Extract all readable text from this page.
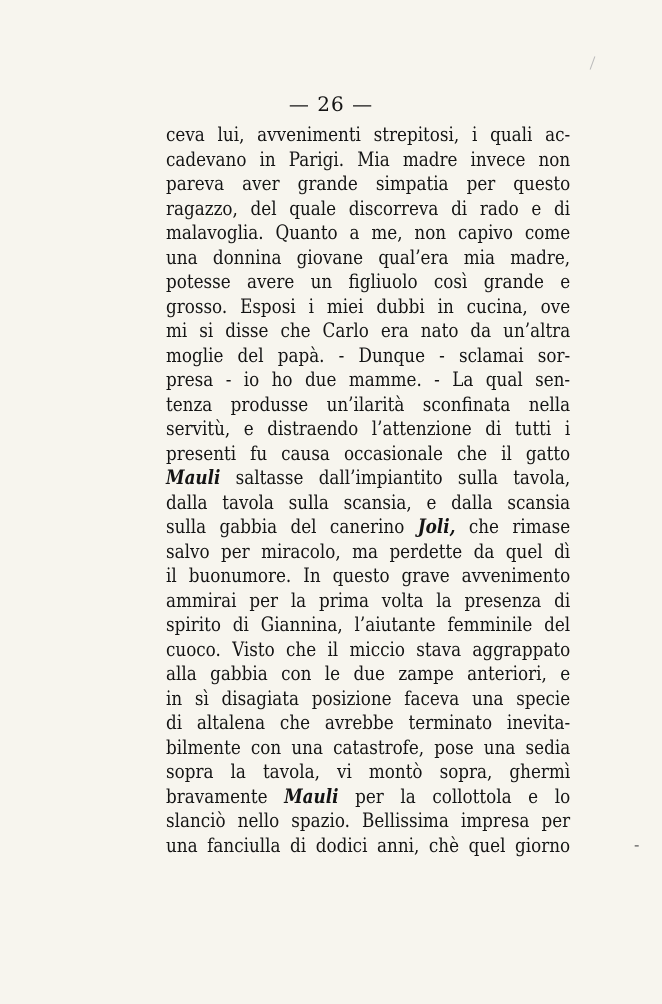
— 26 —
ceva lui, avvenimenti strepitosi, i quali ac-
cadevano in Parigi. Mia madre invece non
pareva aver grande simpatia per questo
ragazzo, del quale discorreva di rado e di
malavoglia. Quanto a me, non capivo come
una donnina giovane qual’era mia madre,
potesse avere un figliuolo così grande e
grosso. Esposi i miei dubbi in cucina, ove
mi si disse che Carlo era nato da un’altra
moglie del papà. - Dunque - sclamai sor-
presa - io ho due mamme. - La qual sen-
tenza produsse un’ilarità sconfinata nella
servitù, e distraendo l’attenzione di tutti i
presenti fu causa occasionale che il gatto
Mauli saltasse dall’impiantito sulla tavola,
dalla tavola sulla scansia, e dalla scansia
sulla gabbia del canerino Joli, che rimase
salvo per miracolo, ma perdette da quel dì
il buonumore. In questo grave avvenimento
ammirai per la prima volta la presenza di
spirito di Giannina, l’aiutante femminile del
cuoco. Visto che il miccio stava aggrappato
alla gabbia con le due zampe anteriori, e
in sì disagiata posizione faceva una specie
di altalena che avrebbe terminato inevita-
bilmente con una catastrofe, pose una sedia
sopra la tavola, vi montò sopra, ghermì
bravamente Mauli per la collottola e lo
slanciò nello spazio. Bellissima impresa per
una fanciulla di dodici anni, chè quel giorno	-
